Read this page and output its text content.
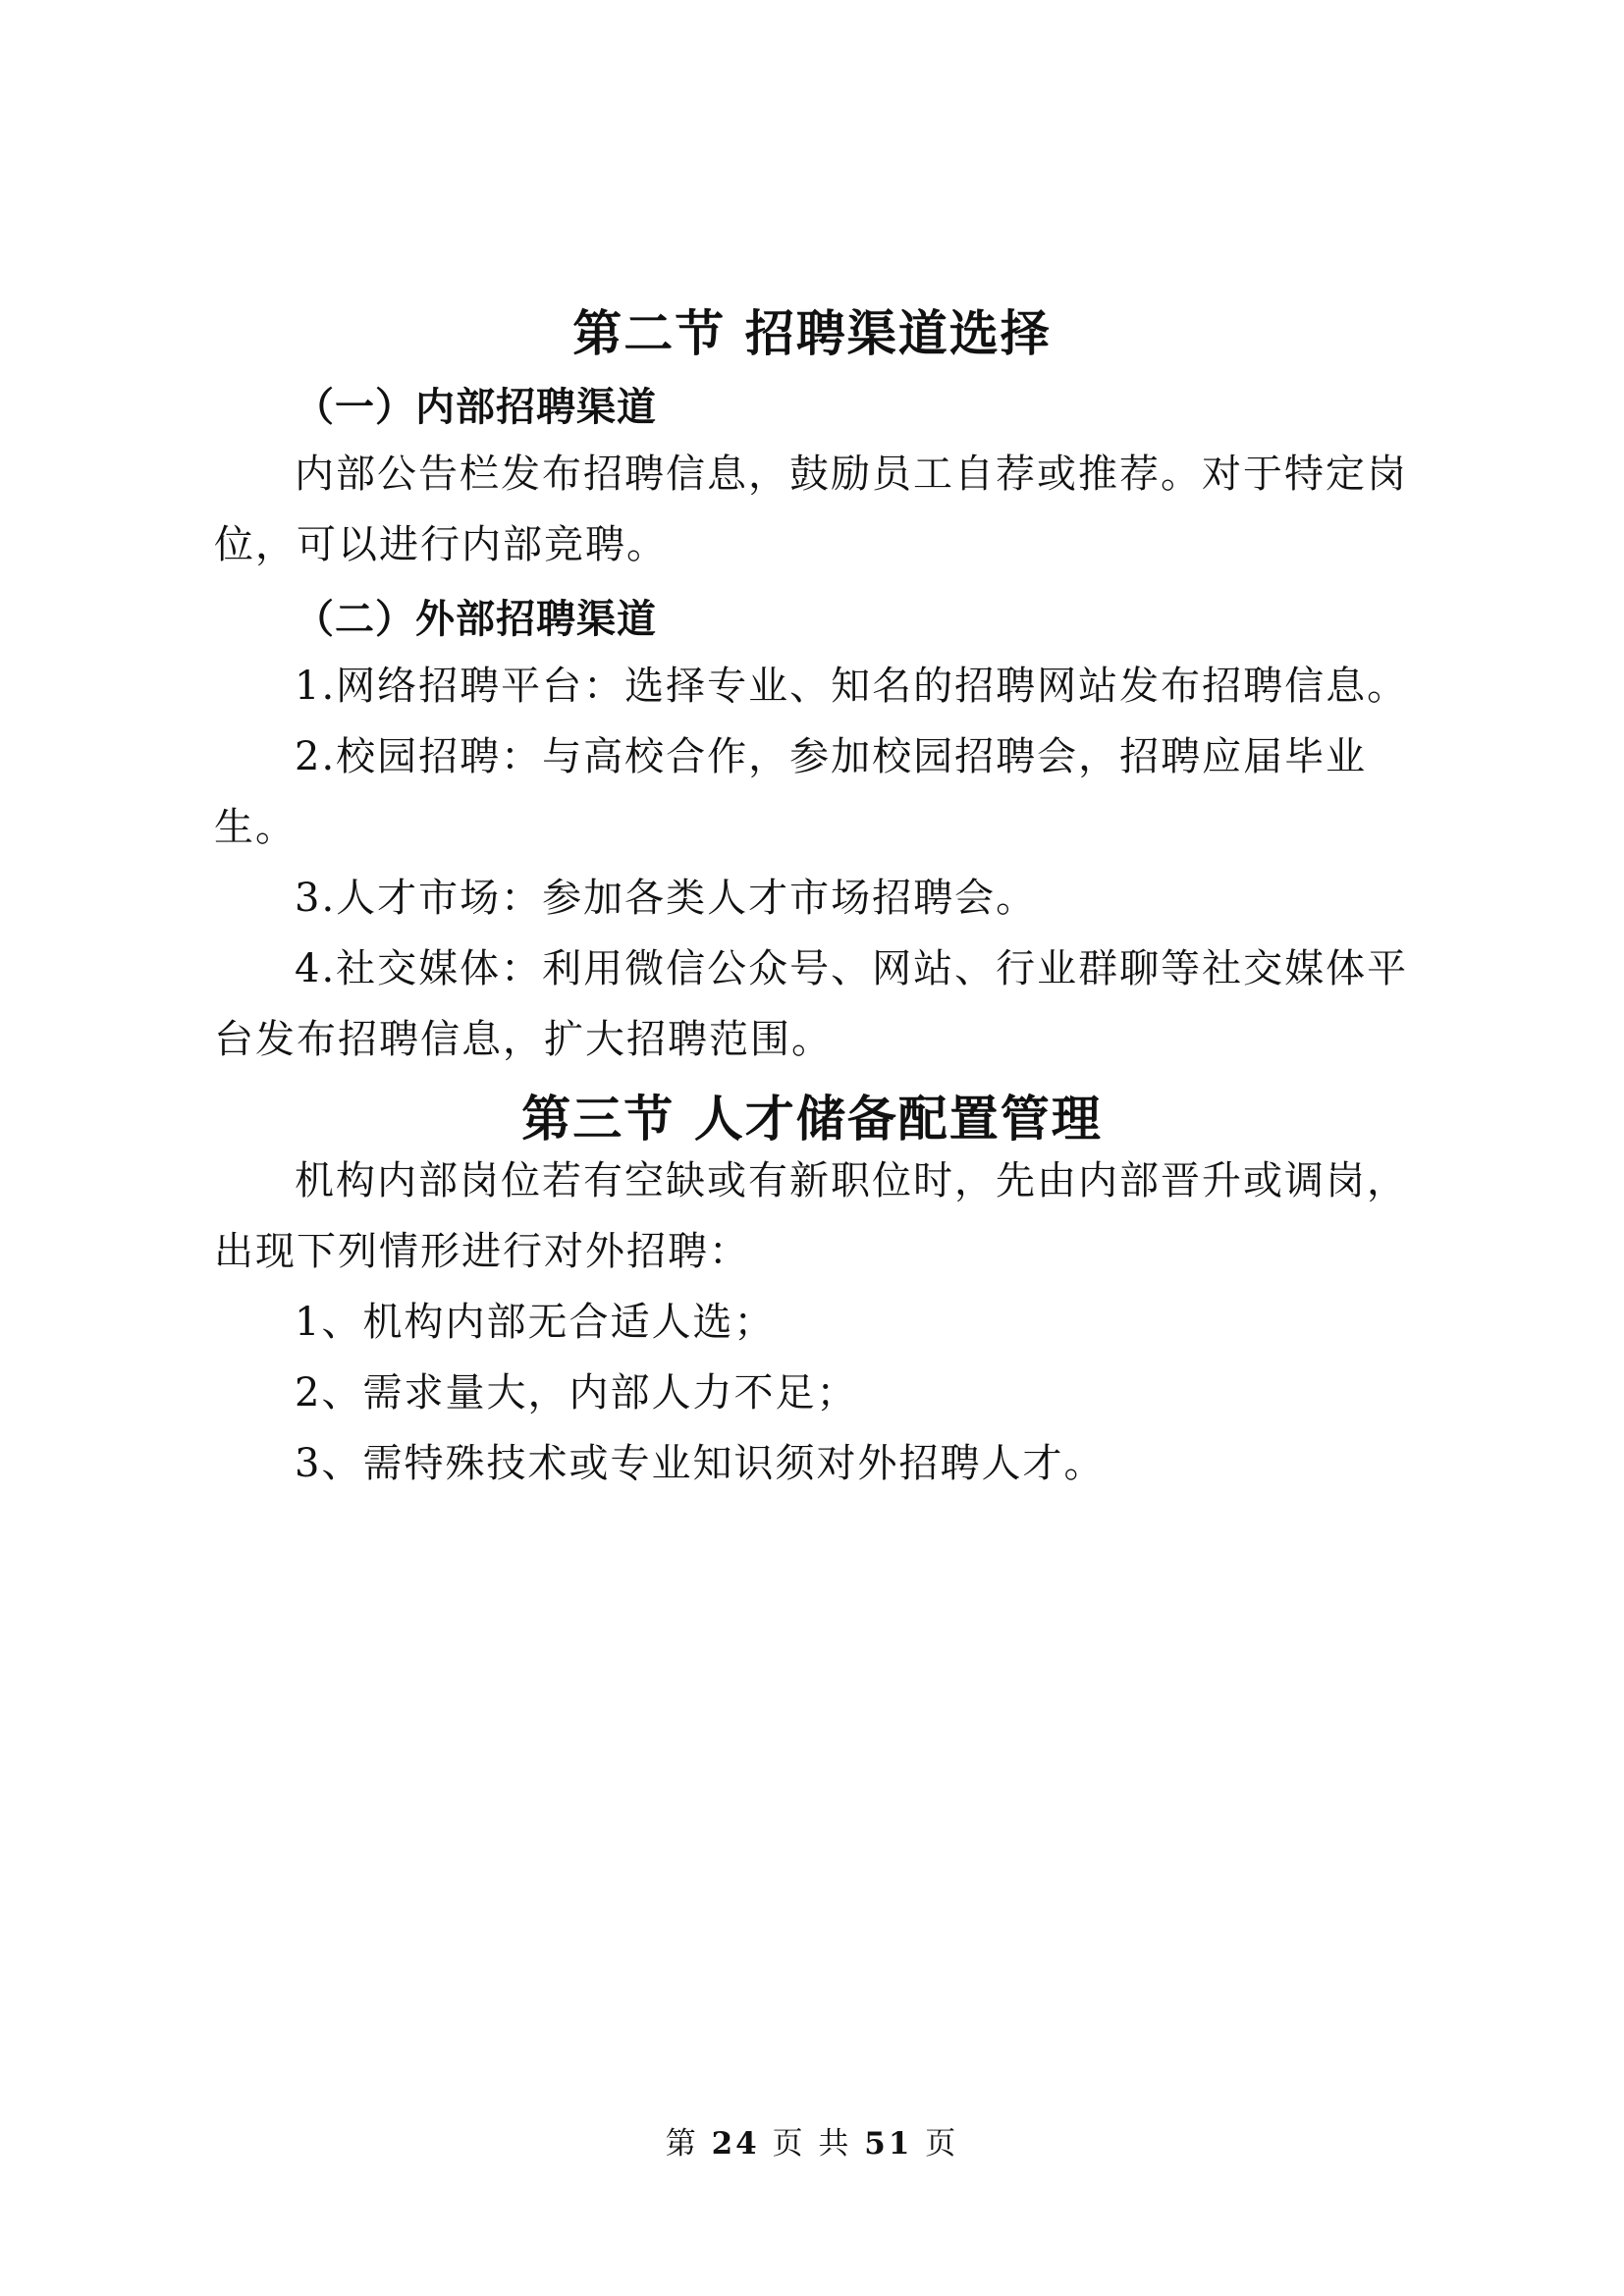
第二节 招聘渠道选择
（一）内部招聘渠道

内部公告栏发布招聘信息，鼓励员工自荐或推荐。对于特定岗位，可以进行内部竞聘。

（二）外部招聘渠道

1.网络招聘平台：选择专业、知名的招聘网站发布招聘信息。

2.校园招聘：与高校合作，参加校园招聘会，招聘应届毕业生。

3.人才市场：参加各类人才市场招聘会。

4.社交媒体：利用微信公众号、网站、行业群聊等社交媒体平台发布招聘信息，扩大招聘范围。

第三节 人才储备配置管理

机构内部岗位若有空缺或有新职位时，先由内部晋升或调岗，出现下列情形进行对外招聘：

1、机构内部无合适人选；

2、需求量大，内部人力不足；

3、需特殊技术或专业知识须对外招聘人才。

第 24 页 共 51 页
